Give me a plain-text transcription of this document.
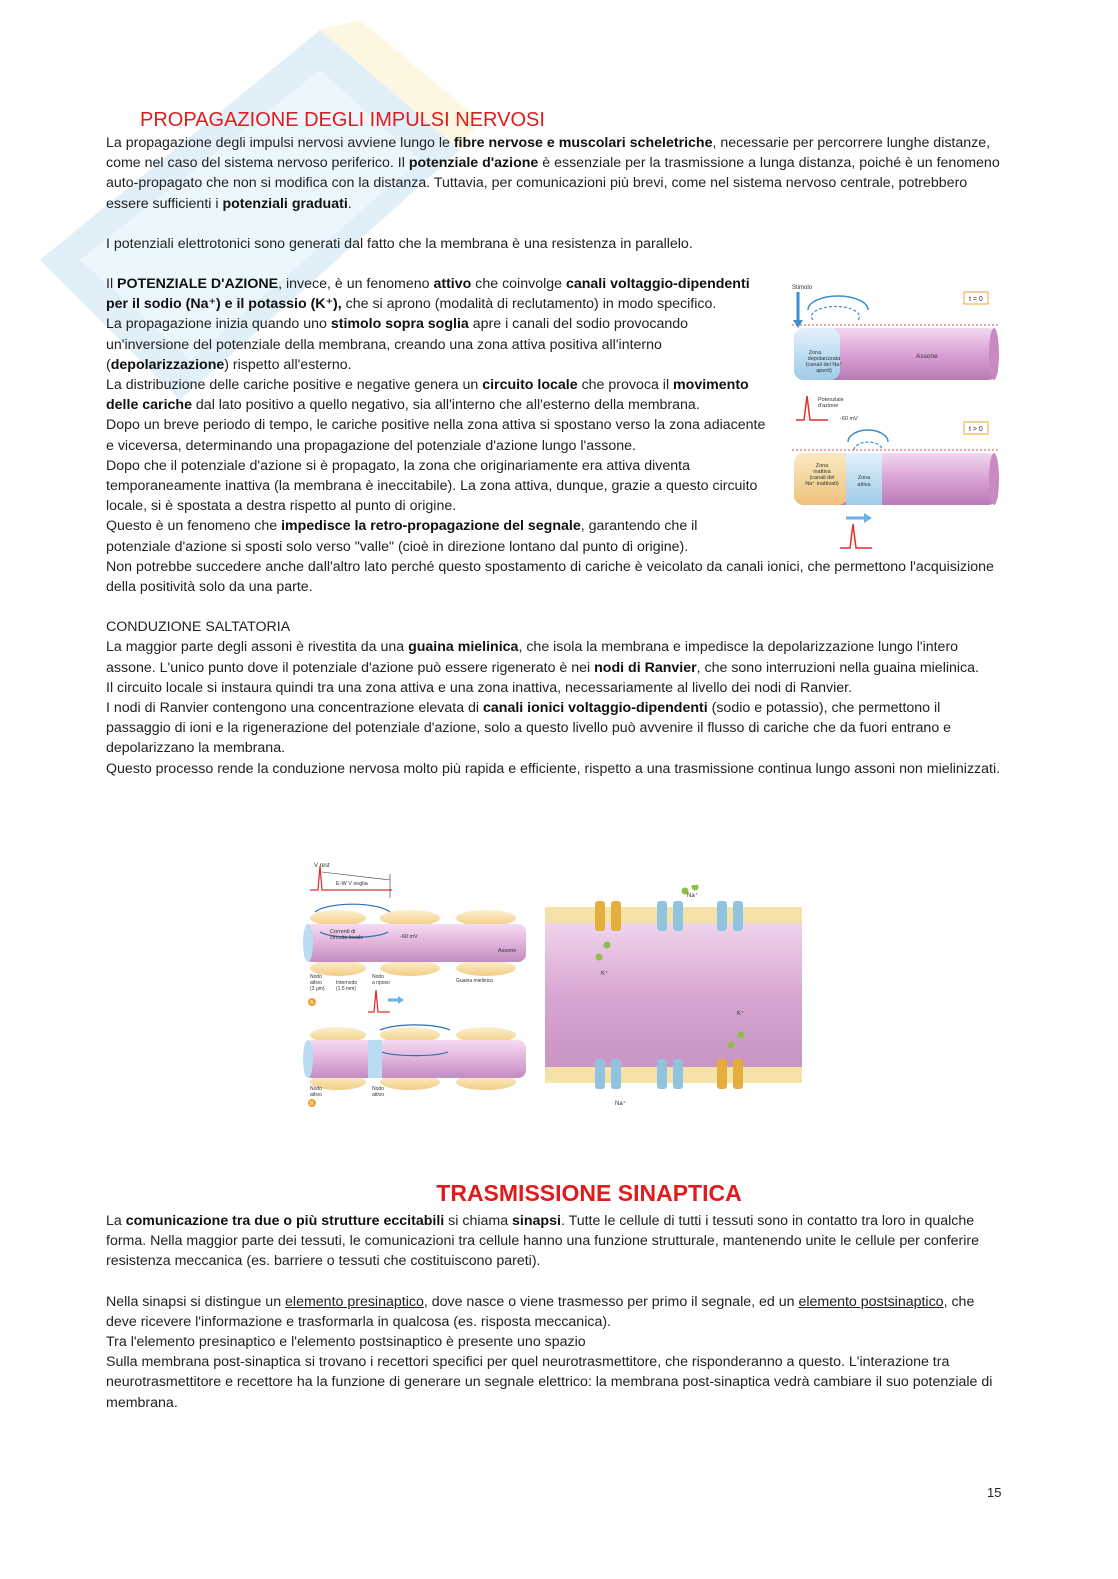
PROPAGAZIONE DEGLI IMPULSI NERVOSI

La propagazione degli impulsi nervosi avviene lungo le fibre nervose e muscolari scheletriche, necessarie per percorrere lunghe distanze, come nel caso del sistema nervoso periferico. Il potenziale d'azione è essenziale per la trasmissione a lunga distanza, poiché è un fenomeno auto-propagato che non si modifica con la distanza. Tuttavia, per comunicazioni più brevi, come nel sistema nervoso centrale, potrebbero essere sufficienti i potenziali graduati.

I potenziali elettrotonici sono generati dal fatto che la membrana è una resistenza in parallelo.

Il POTENZIALE D'AZIONE, invece, è un fenomeno attivo che coinvolge canali voltaggio-dipendenti per il sodio (Na⁺) e il potassio (K⁺), che si aprono (modalità di reclutamento) in modo specifico.

La propagazione inizia quando uno stimolo sopra soglia apre i canali del sodio provocando un'inversione del potenziale della membrana, creando una zona attiva positiva all'interno (depolarizzazione) rispetto all'esterno.

La distribuzione delle cariche positive e negative genera un circuito locale che provoca il movimento delle cariche dal lato positivo a quello negativo, sia all'interno che all'esterno della membrana.

Dopo un breve periodo di tempo, le cariche positive nella zona attiva si spostano verso la zona adiacente e viceversa, determinando una propagazione del potenziale d'azione lungo l'assone.

Dopo che il potenziale d'azione si è propagato, la zona che originariamente era attiva diventa temporaneamente inattiva (la membrana è ineccitabile). La zona attiva, dunque, grazie a questo circuito locale, si è spostata a destra rispetto al punto di origine.

Questo è un fenomeno che impedisce la retro-propagazione del segnale, garantendo che il potenziale d'azione si sposti solo verso "valle" (cioè in direzione lontano dal punto di origine).

Non potrebbe succedere anche dall'altro lato perché questo spostamento di cariche è veicolato da canali ionici, che permettono l'acquisizione della positività solo da una parte.

CONDUZIONE SALTATORIA

La maggior parte degli assoni è rivestita da una guaina mielinica, che isola la membrana e impedisce la depolarizzazione lungo l'intero assone. L'unico punto dove il potenziale d'azione può essere rigenerato è nei nodi di Ranvier, che sono interruzioni nella guaina mielinica.

Il circuito locale si instaura quindi tra una zona attiva e una zona inattiva, necessariamente al livello dei nodi di Ranvier.

I nodi di Ranvier contengono una concentrazione elevata di canali ionici voltaggio-dipendenti (sodio e potassio), che permettono il passaggio di ioni e la rigenerazione del potenziale d'azione, solo a questo livello può avvenire il flusso di cariche che da fuori entrano e depolarizzano la membrana.

Questo processo rende la conduzione nervosa molto più rapida e efficiente, rispetto a una trasmissione continua lungo assoni non mielinizzati.

Stimolo
t = 0
Zona depolarizzata (canali del Na⁺ aperti)
Assone
Potenziale d'azione
-60 mV
t > 0
Zona inattiva (canali del Na⁺ inattivati)
Zona attiva
V rest
E-W V soglia
Correnti di circuito locale	-60 mV
Assone
Nodo attivo (3 μm)
Internodo (1.5 mm)
Nodo a riposo	Guaina mielinica
A
Nodo attivo
Nodo attivo
B
Na⁺
K⁺
K⁺
Na⁺
TRASMISSIONE SINAPTICA

La comunicazione tra due o più strutture eccitabili si chiama sinapsi. Tutte le cellule di tutti i tessuti sono in contatto tra loro in qualche forma. Nella maggior parte dei tessuti, le comunicazioni tra cellule hanno una funzione strutturale, mantenendo unite le cellule per conferire resistenza meccanica (es. barriere o tessuti che costituiscono pareti).

Nella sinapsi si distingue un elemento presinaptico, dove nasce o viene trasmesso per primo il segnale, ed un elemento postsinaptico, che deve ricevere l'informazione e trasformarla in qualcosa (es. risposta meccanica).

Tra l'elemento presinaptico e l'elemento postsinaptico è presente uno spazio

Sulla membrana post-sinaptica si trovano i recettori specifici per quel neurotrasmettitore, che risponderanno a questo. L'interazione tra neurotrasmettitore e recettore ha la funzione di generare un segnale elettrico: la membrana post-sinaptica vedrà cambiare il suo potenziale di membrana.

15
